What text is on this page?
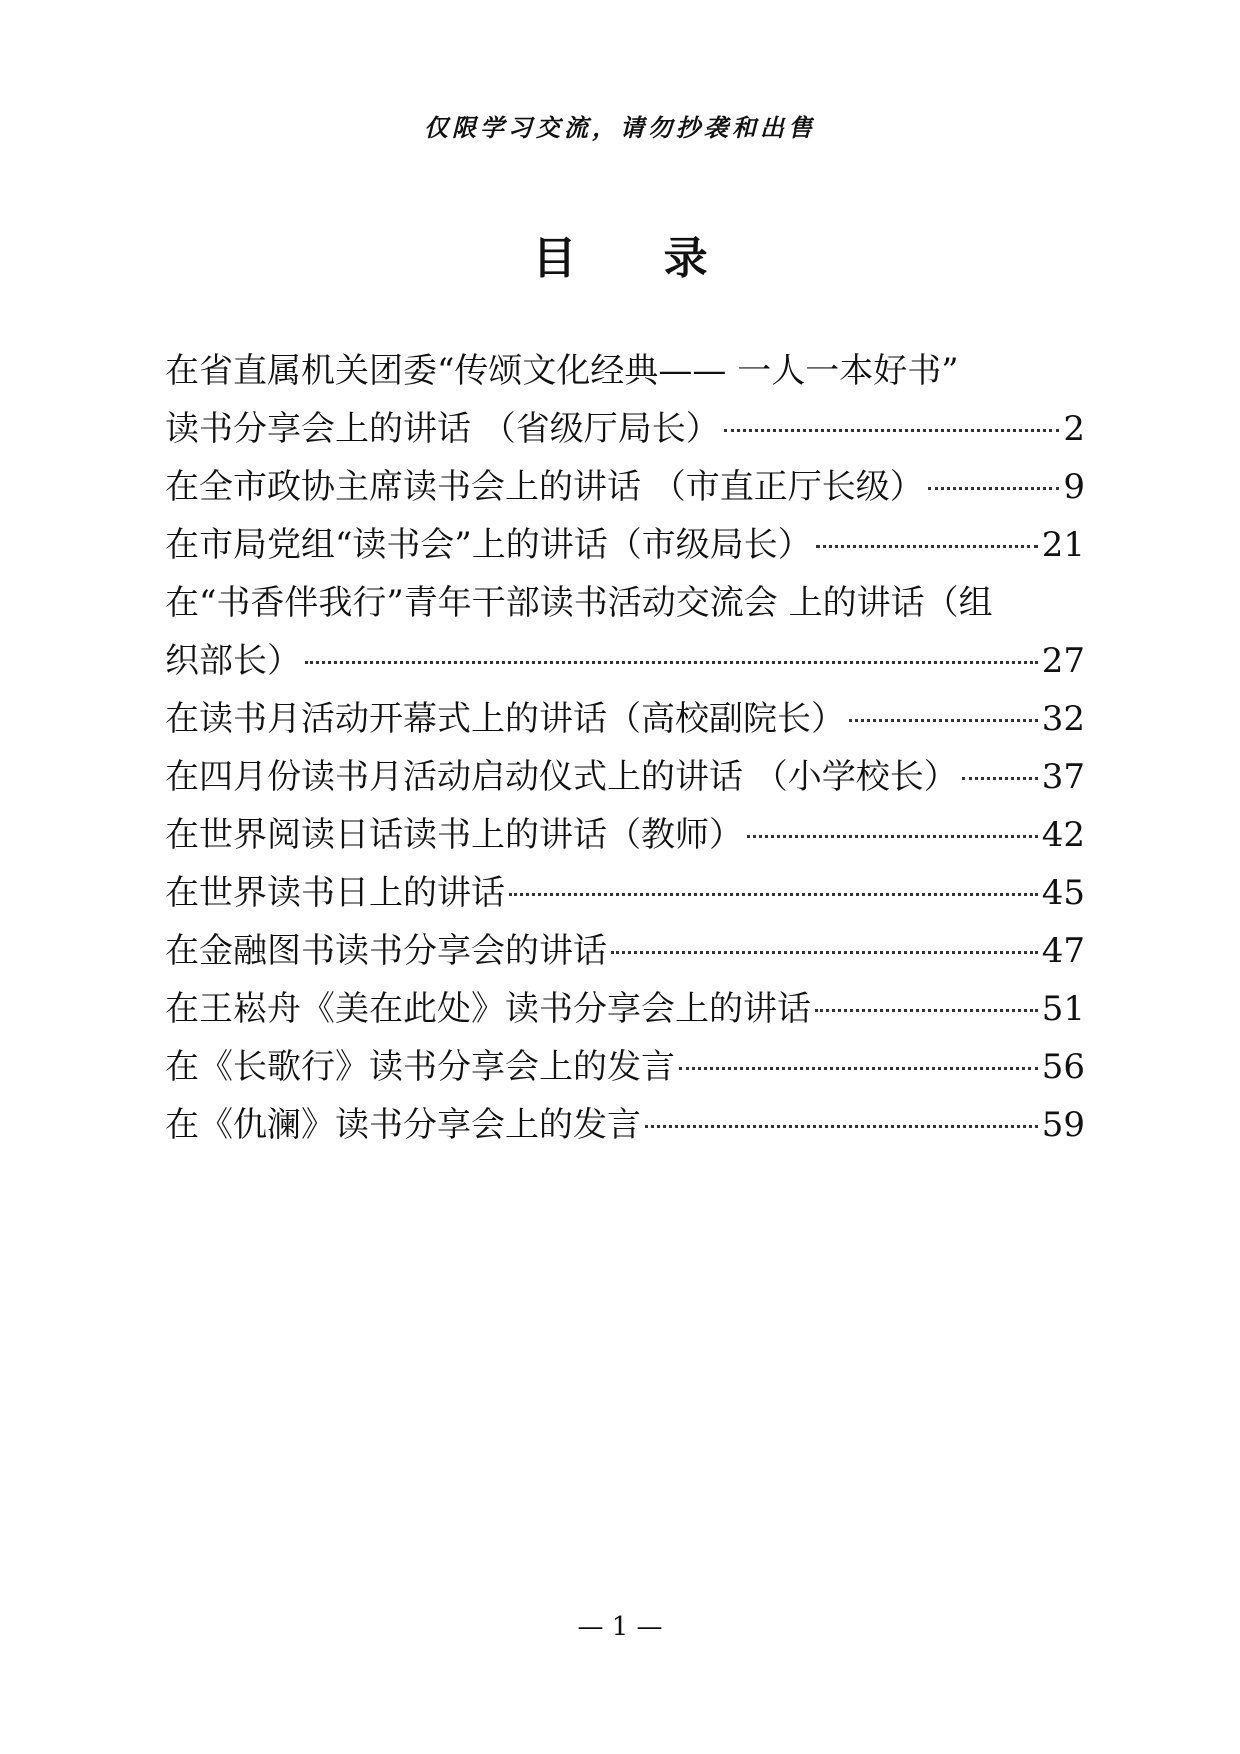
仅限学习交流，请勿抄袭和出售
目 录
在省直属机关团委“传颂文化经典—— 一人一本好书”
读书分享会上的讲话 （省级厅局长）	2
在全市政协主席读书会上的讲话 （市直正厅长级）	9
在市局党组“读书会”上的讲话（市级局长）	21
在“书香伴我行”青年干部读书活动交流会 上的讲话（组
织部长）	27
在读书月活动开幕式上的讲话（高校副院长）	32
在四月份读书月活动启动仪式上的讲话 （小学校长） 37
在世界阅读日话读书上的讲话（教师）	42
在世界读书日上的讲话	45
在金融图书读书分享会的讲话	47
在王崧舟《美在此处》读书分享会上的讲话	51
在《长歌行》读书分享会上的发言	56
在《仇澜》读书分享会上的发言	59
— 1 —
